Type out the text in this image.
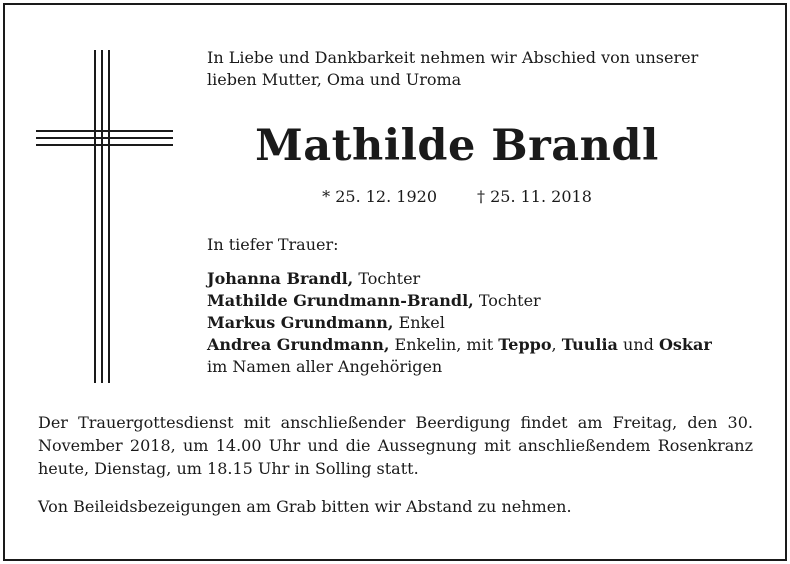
In Liebe und Dankbarkeit nehmen wir Abschied von unserer
lieben Mutter, Oma und Uroma
Mathilde Brandl
* 25. 12. 1920	† 25. 11. 2018
In tiefer Trauer:
Johanna Brandl, Tochter
Mathilde Grundmann-Brandl, Tochter
Markus Grundmann, Enkel
Andrea Grundmann, Enkelin, mit Teppo, Tuulia und Oskar
im Namen aller Angehörigen
Der Trauergottesdienst mit anschließender Beerdigung findet am Freitag, den 30. November 2018, um 14.00 Uhr und die Aussegnung mit anschließendem Rosenkranz heute, Dienstag, um 18.15 Uhr in Solling statt.
Von Beileidsbezeigungen am Grab bitten wir Abstand zu nehmen.
